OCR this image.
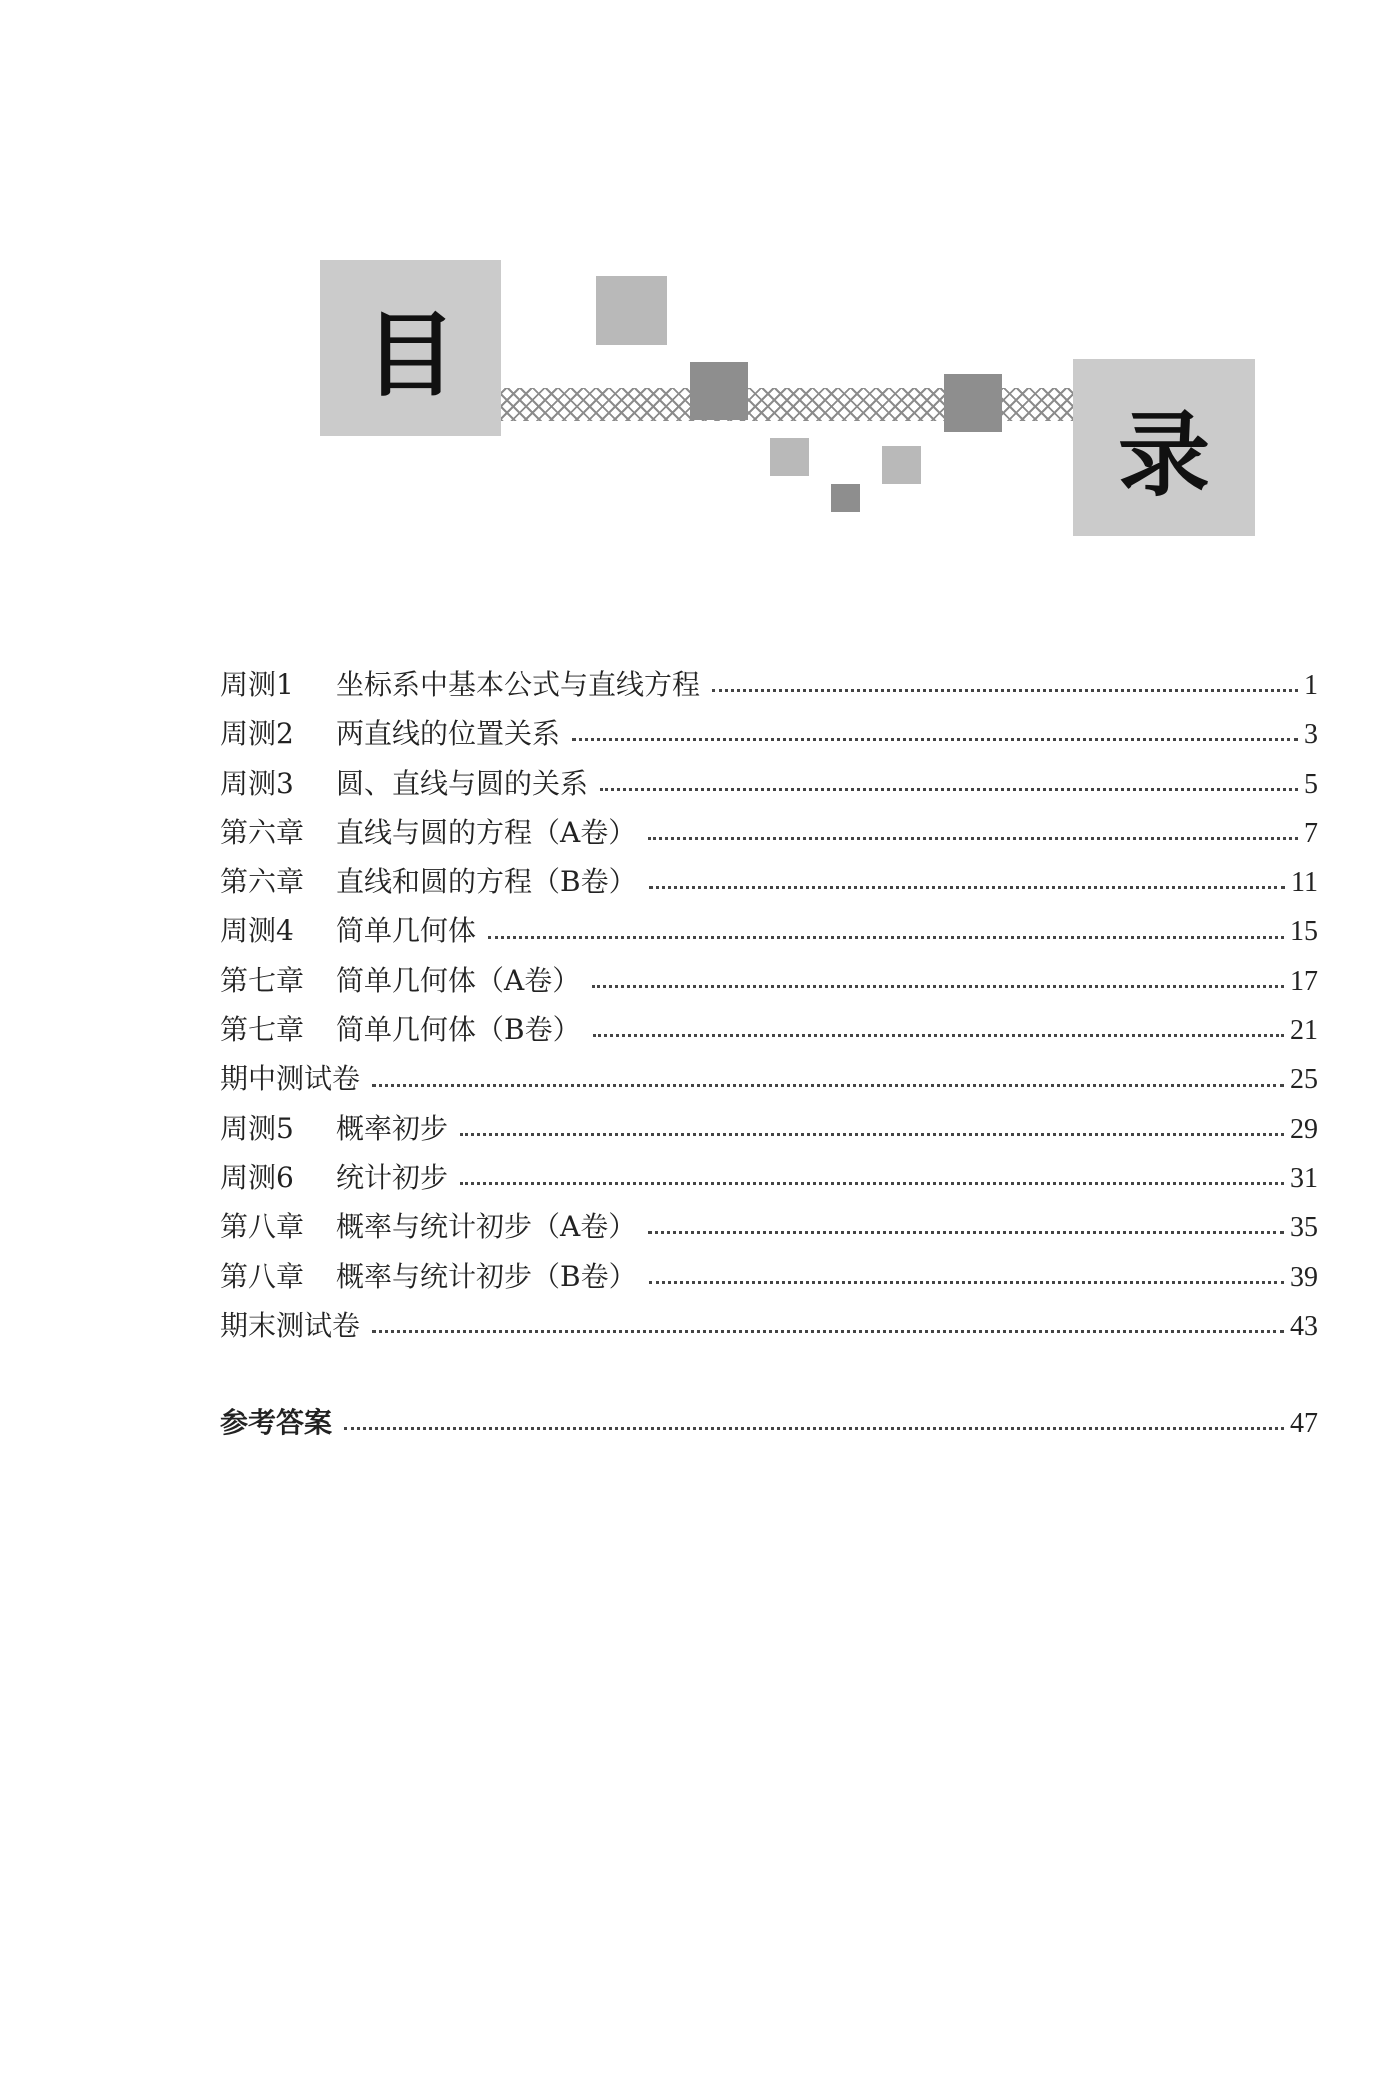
目
录
周测1	坐标系中基本公式与直线方程	1
周测2	两直线的位置关系	3
周测3	圆、直线与圆的关系	5
第六章	直线与圆的方程（A卷）	7
第六章	直线和圆的方程（B卷）	11
周测4	简单几何体	15
第七章	简单几何体（A卷）	17
第七章	简单几何体（B卷）	21
期中测试卷	25
周测5	概率初步	29
周测6	统计初步	31
第八章	概率与统计初步（A卷）	35
第八章	概率与统计初步（B卷）	39
期末测试卷	43
参考答案	47
